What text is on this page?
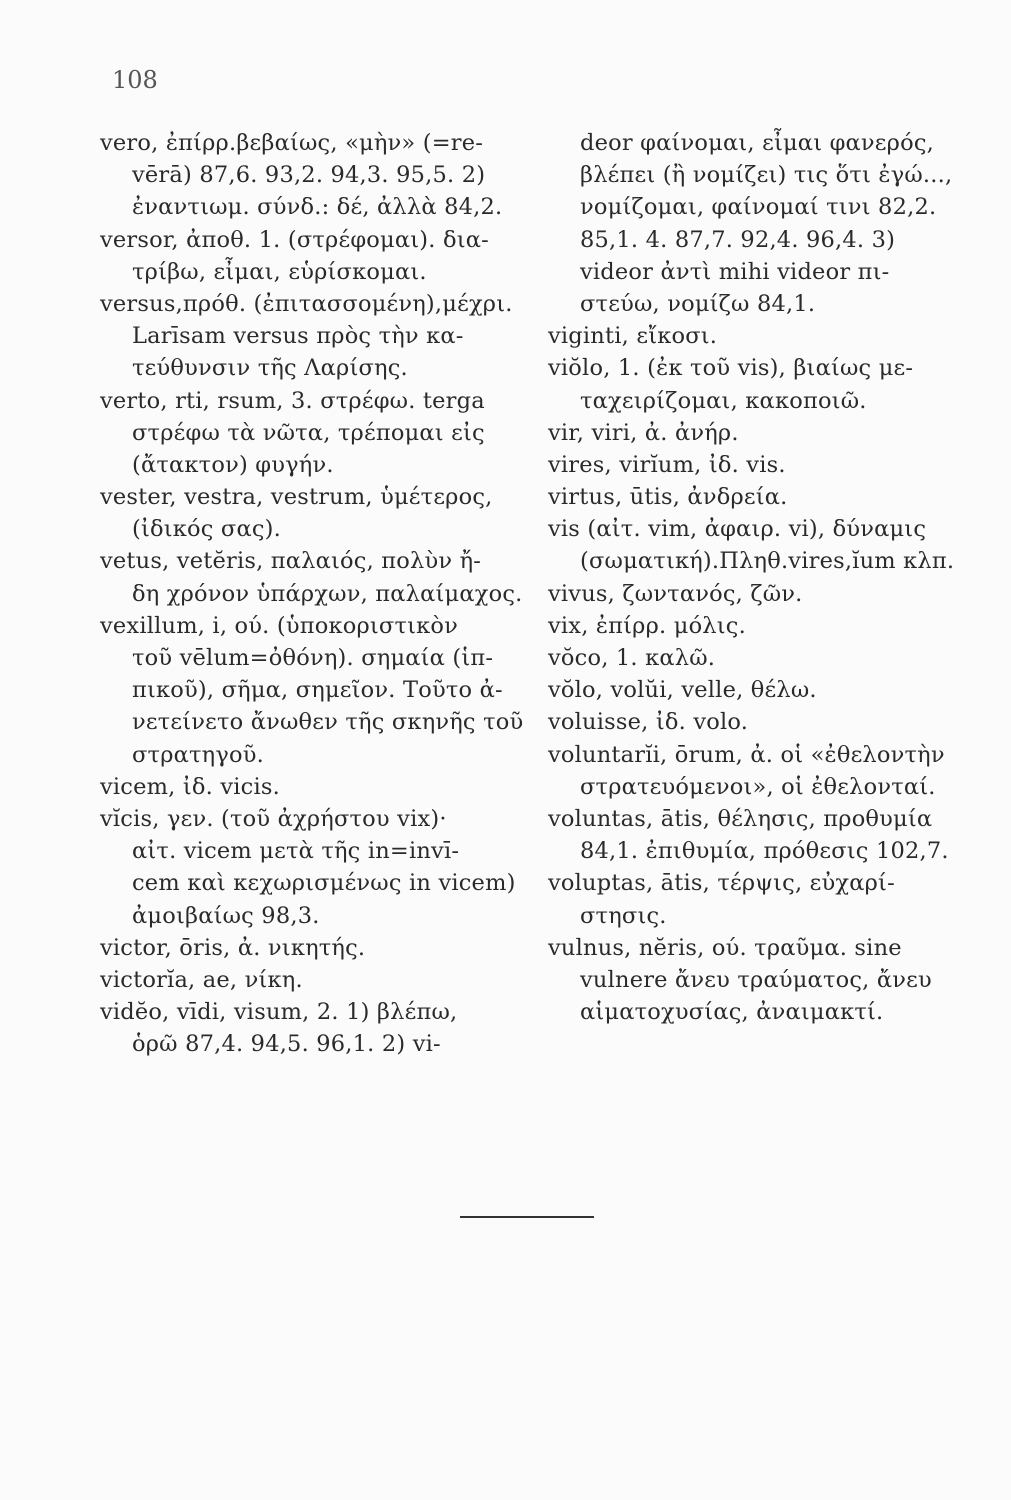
108
vero, ἐπίρρ.βεβαίως, «μὴν» (=re-
vērā) 87,6. 93,2. 94,3. 95,5. 2)
ἐναντιωμ. σύνδ.: δέ, ἀλλὰ 84,2.
versor, ἀποθ. 1. (στρέφομαι). δια-
τρίβω, εἶμαι, εὑρίσκομαι.
versus,πρόθ. (ἐπιτασσομένη),μέχρι.
Larīsam versus πρὸς τὴν κα-
τεύθυνσιν τῆς Λαρίσης.
verto, rti, rsum, 3. στρέφω. terga
στρέφω τὰ νῶτα, τρέπομαι εἰς
(ἄτακτον) φυγήν.
vester, vestra, vestrum, ὑμέτερος,
(ἰδικός σας).
vetus, vetĕris, παλαιός, πολὺν ἤ-
δη χρόνον ὑπάρχων, παλαίμαχος.
vexillum, i, ού. (ὑποκοριστικὸν
τοῦ vēlum=ὀθόνη). σημαία (ἱπ-
πικοῦ), σῆμα, σημεῖον. Τοῦτο ἀ-
νετείνετο ἄνωθεν τῆς σκηνῆς τοῦ
στρατηγοῦ.
vicem, ἰδ. vicis.
vĭcis, γεν. (τοῦ ἀχρήστου vix)·
αἰτ. vicem μετὰ τῆς in=invī-
cem καὶ κεχωρισμένως in vicem)
ἀμοιβαίως 98,3.
victor, ōris, ἀ. νικητής.
victorĭa, ae, νίκη.
vidĕo, vīdi, visum, 2. 1) βλέπω,
ὁρῶ 87,4. 94,5. 96,1. 2) vi-
deor φαίνομαι, εἶμαι φανερός,
βλέπει (ἢ νομίζει) τις ὅτι ἐγώ...,
νομίζομαι, φαίνομαί τινι 82,2.
85,1. 4. 87,7. 92,4. 96,4. 3)
videor ἀντὶ mihi videor πι-
στεύω, νομίζω 84,1.
viginti, εἴκοσι.
viŏlo, 1. (ἐκ τοῦ vis), βιαίως με-
ταχειρίζομαι, κακοποιῶ.
vir, viri, ἀ. ἀνήρ.
vires, virĭum, ἰδ. vis.
virtus, ūtis, ἀνδρεία.
vis (αἰτ. vim, ἀφαιρ. vi), δύναμις
(σωματική).Πληθ.vires,ĭum κλπ.
vivus, ζωντανός, ζῶν.
vix, ἐπίρρ. μόλις.
vŏco, 1. καλῶ.
vŏlo, volŭi, velle, θέλω.
voluisse, ἰδ. volo.
voluntarĭi, ōrum, ἀ. οἱ «ἐθελοντὴν
στρατευόμενοι», οἱ ἐθελονταί.
voluntas, ātis, θέλησις, προθυμία
84,1. ἐπιθυμία, πρόθεσις 102,7.
voluptas, ātis, τέρψις, εὐχαρί-
στησις.
vulnus, nĕris, ού. τραῦμα. sine
vulnere ἄνευ τραύματος, ἄνευ
αἱματοχυσίας, ἀναιμακτί.
